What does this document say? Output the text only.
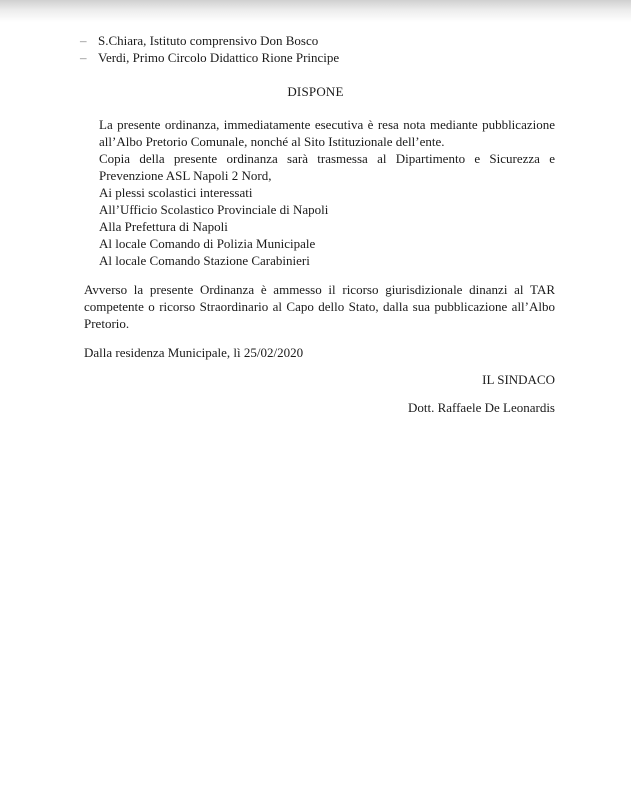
– S.Chiara, Istituto comprensivo Don Bosco
– Verdi, Primo Circolo Didattico Rione Principe
DISPONE
La presente ordinanza, immediatamente esecutiva è resa nota mediante pubblicazione
all’Albo Pretorio Comunale, nonché al Sito Istituzionale dell’ente.
Copia della presente ordinanza sarà trasmessa al Dipartimento e Sicurezza e
Prevenzione ASL Napoli 2 Nord,
Ai plessi scolastici interessati
All’Ufficio Scolastico Provinciale di Napoli
Alla Prefettura di Napoli
Al locale Comando di Polizia Municipale
Al locale Comando Stazione Carabinieri
Avverso la presente Ordinanza è ammesso il ricorso giurisdizionale dinanzi al TAR
competente o ricorso Straordinario al Capo dello Stato, dalla sua pubblicazione all’Albo
Pretorio.
Dalla residenza Municipale, lì 25/02/2020
IL SINDACO
Dott. Raffaele De Leonardis
